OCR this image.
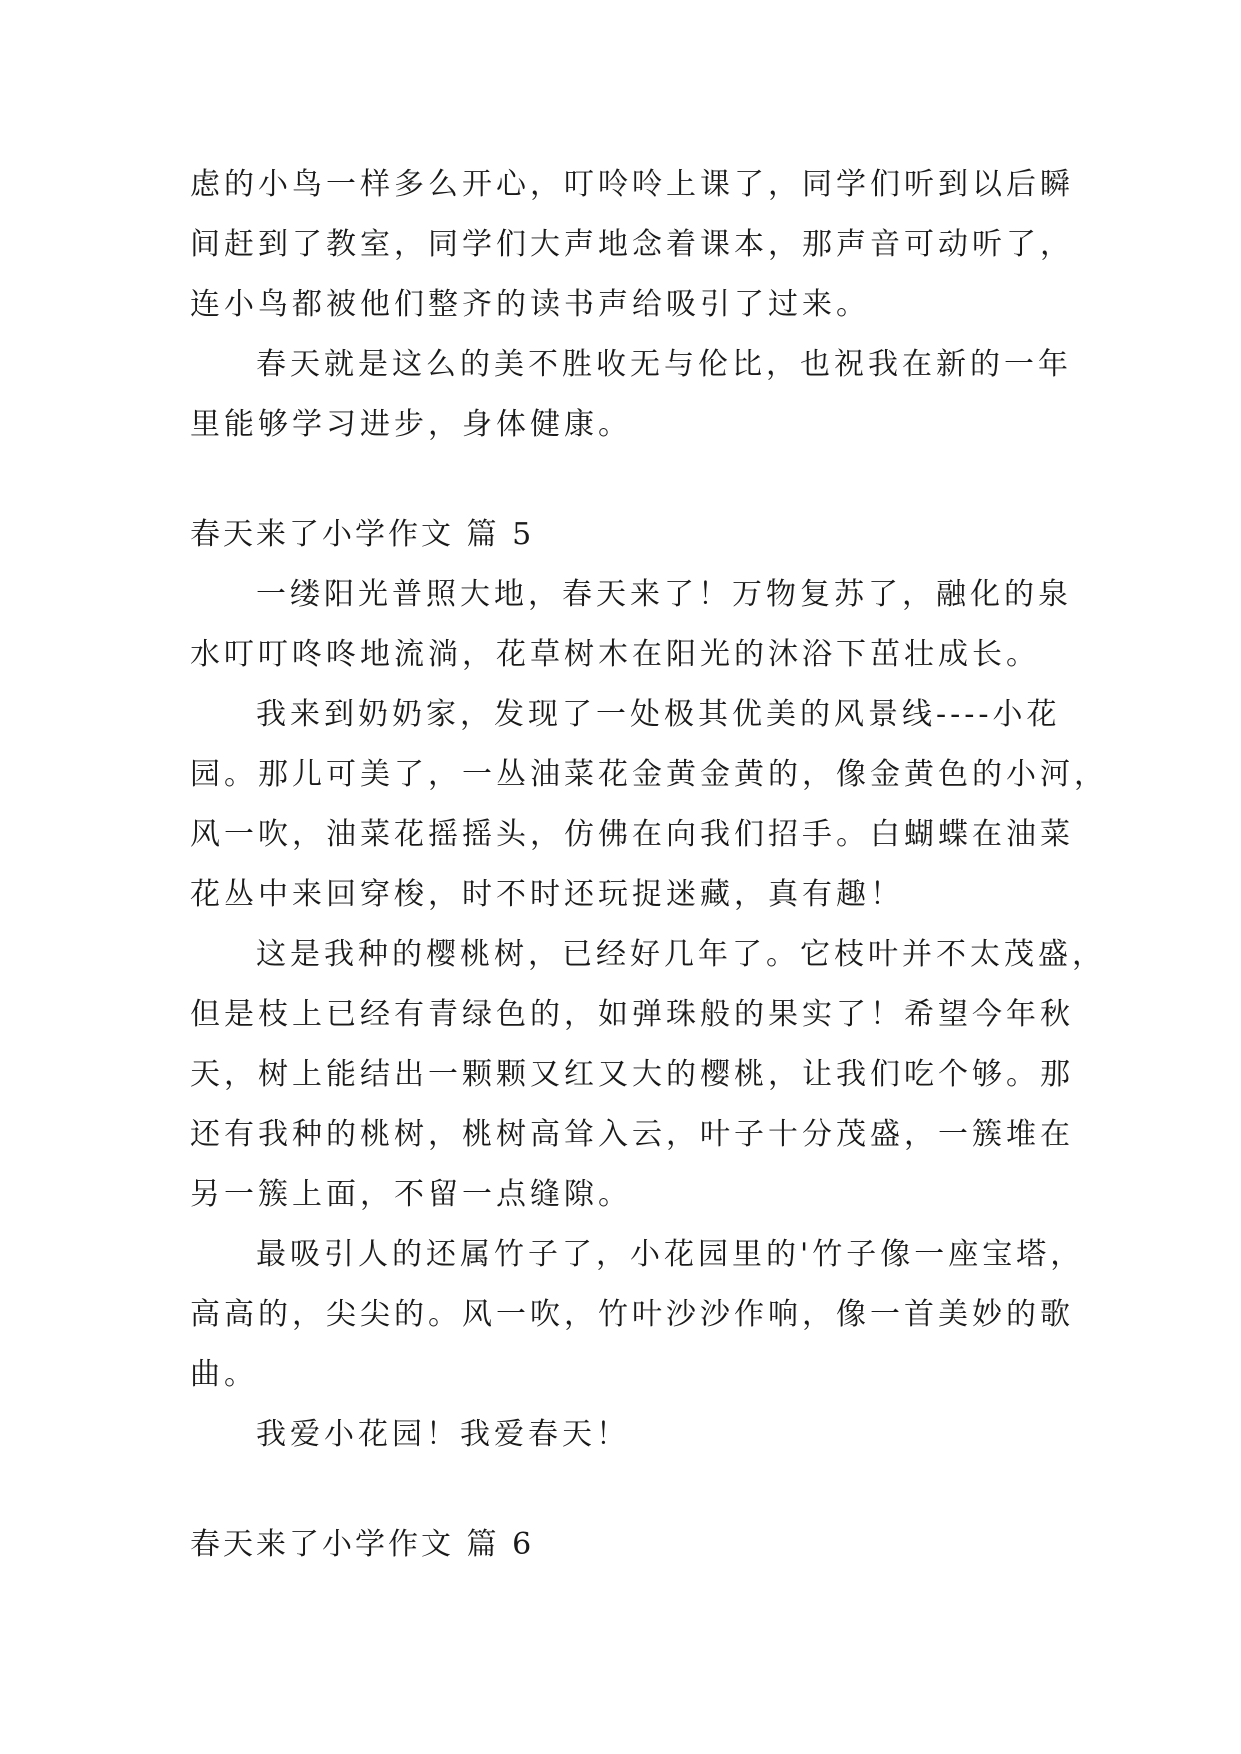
虑的小鸟一样多么开心，叮呤呤上课了，同学们听到以后瞬
间赶到了教室，同学们大声地念着课本，那声音可动听了，
连小鸟都被他们整齐的读书声给吸引了过来。
春天就是这么的美不胜收无与伦比，也祝我在新的一年
里能够学习进步，身体健康。
春天来了小学作文 篇 5
一缕阳光普照大地，春天来了！万物复苏了，融化的泉
水叮叮咚咚地流淌，花草树木在阳光的沐浴下茁壮成长。
我来到奶奶家，发现了一处极其优美的风景线----小花
园。那儿可美了，一丛油菜花金黄金黄的，像金黄色的小河，
风一吹，油菜花摇摇头，仿佛在向我们招手。白蝴蝶在油菜
花丛中来回穿梭，时不时还玩捉迷藏，真有趣！
这是我种的樱桃树，已经好几年了。它枝叶并不太茂盛，
但是枝上已经有青绿色的，如弹珠般的果实了！希望今年秋
天，树上能结出一颗颗又红又大的樱桃，让我们吃个够。那
还有我种的桃树，桃树高耸入云，叶子十分茂盛，一簇堆在
另一簇上面，不留一点缝隙。
最吸引人的还属竹子了，小花园里的'竹子像一座宝塔，
高高的，尖尖的。风一吹，竹叶沙沙作响，像一首美妙的歌
曲。
我爱小花园！我爱春天！
春天来了小学作文 篇 6
